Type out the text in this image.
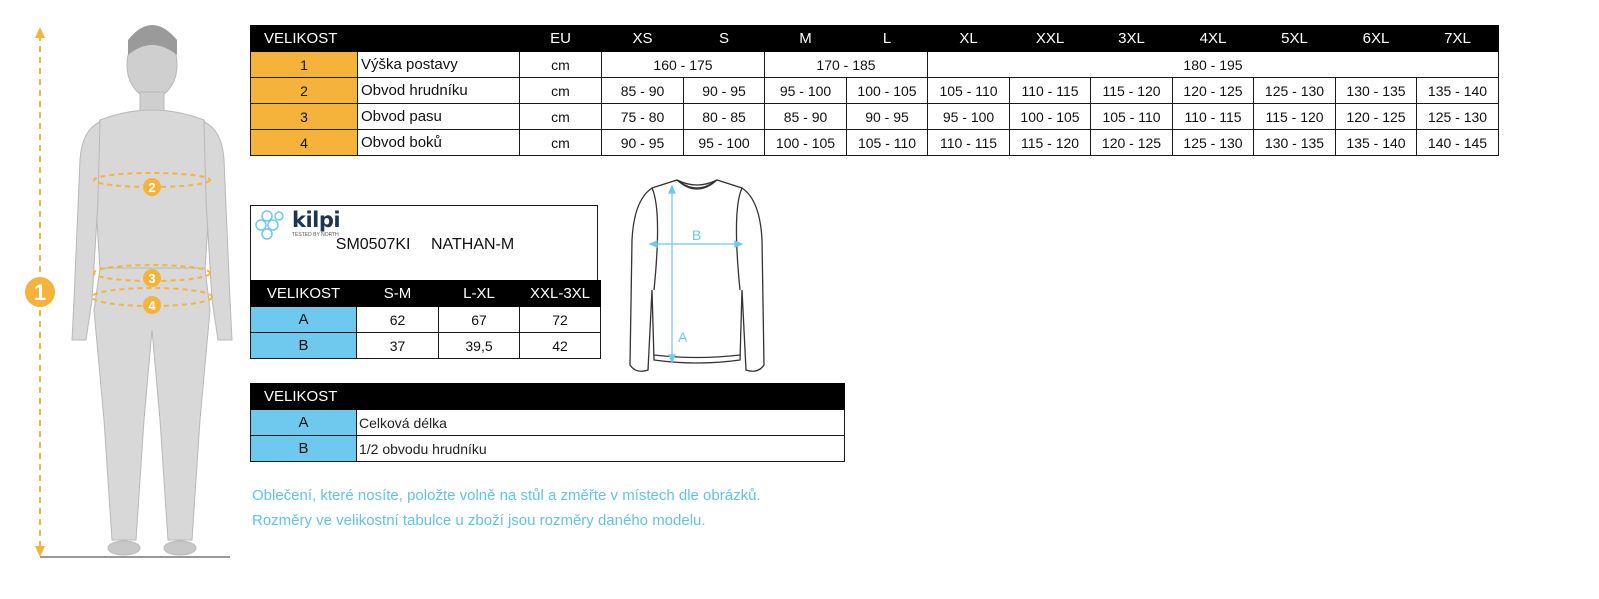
1
2
3
4
VELIKOST		EU	XS	S	M	L	XL	XXL	3XL	4XL	5XL	6XL	7XL
1	Výška postavy	cm	160 - 175		170 - 185		180 - 195						
2	Obvod hrudníku	cm	85 - 90	90 - 95	95 - 100	100 - 105	105 - 110	110 - 115	115 - 120	120 - 125	125 - 130	130 - 135	135 - 140
3	Obvod pasu	cm	75 - 80	80 - 85	85 - 90	90 - 95	95 - 100	100 - 105	105 - 110	110 - 115	115 - 120	120 - 125	125 - 130
4	Obvod boků	cm	90 - 95	95 - 100	100 - 105	105 - 110	110 - 115	115 - 120	120 - 125	125 - 130	130 - 135	135 - 140	140 - 145
kilpi
TESTED BY NORTH
SM0507KI NATHAN-M
VELIKOST	S-M	L-XL	XXL-3XL
A	62	67	72
B	37	39,5	42
A
B
VELIKOST	
A	Celková délka
B	1/2 obvodu hrudníku
Oblečení, které nosíte, položte volně na stůl a změřte v místech dle obrázků.
Rozměry ve velikostní tabulce u zboží jsou rozměry daného modelu.
